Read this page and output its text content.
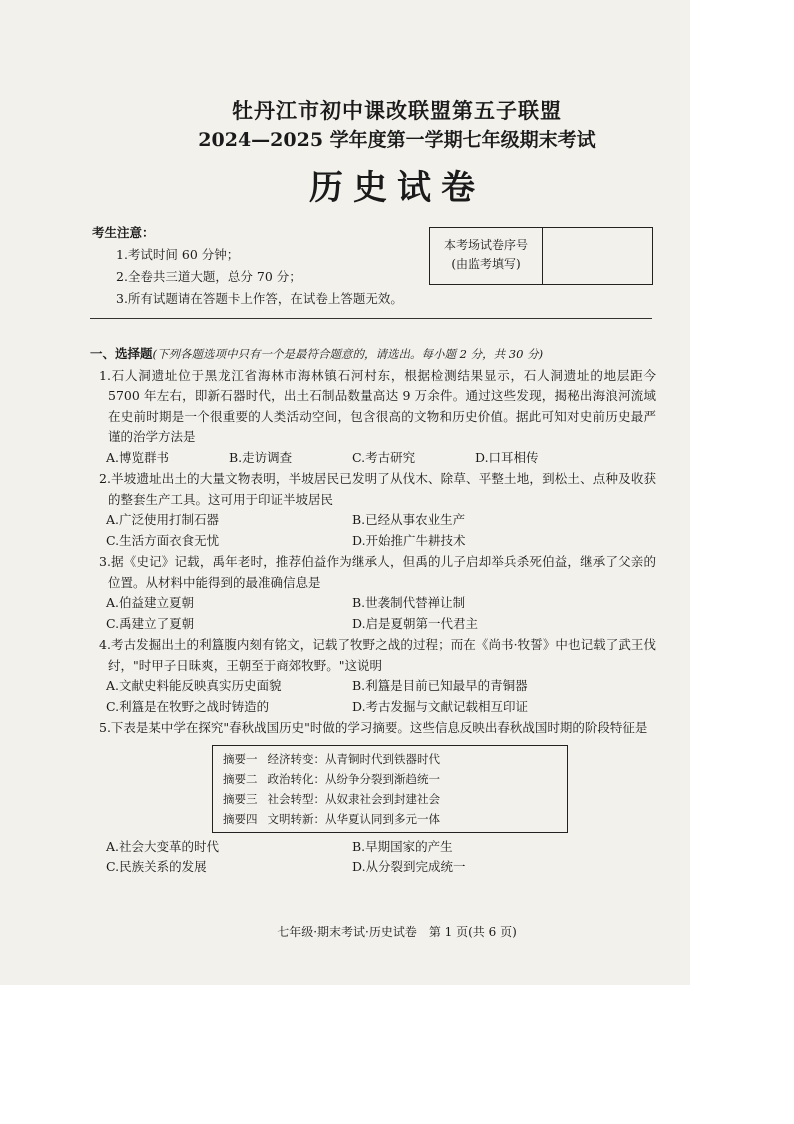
牡丹江市初中课改联盟第五子联盟
2024—2025 学年度第一学期七年级期末考试
历史试卷
考生注意：
1.考试时间 60 分钟；
2.全卷共三道大题，总分 70 分；
3.所有试题请在答题卡上作答，在试卷上答题无效。
本考场试卷序号
(由监考填写)
一、选择题(下列各题选项中只有一个是最符合题意的，请选出。每小题 2 分，共 30 分)
1.石人洞遗址位于黑龙江省海林市海林镇石河村东，根据检测结果显示，石人洞遗址的地层距今 5700 年左右，即新石器时代，出土石制品数量高达 9 万余件。通过这些发现，揭秘出海浪河流域在史前时期是一个很重要的人类活动空间，包含很高的文物和历史价值。据此可知对史前历史最严谨的治学方法是
A.博览群书	B.走访调查	C.考古研究	D.口耳相传
2.半坡遗址出土的大量文物表明，半坡居民已发明了从伐木、除草、平整土地，到松土、点种及收获的整套生产工具。这可用于印证半坡居民
A.广泛使用打制石器	B.已经从事农业生产
C.生活方面衣食无忧	D.开始推广牛耕技术
3.据《史记》记载，禹年老时，推荐伯益作为继承人，但禹的儿子启却举兵杀死伯益，继承了父亲的位置。从材料中能得到的最准确信息是
A.伯益建立夏朝	B.世袭制代替禅让制
C.禹建立了夏朝	D.启是夏朝第一代君主
4.考古发掘出土的利簋腹内刻有铭文，记载了牧野之战的过程；而在《尚书·牧誓》中也记载了武王伐纣，"时甲子日昧爽，王朝至于商郊牧野。"这说明
A.文献史料能反映真实历史面貌	B.利簋是目前已知最早的青铜器
C.利簋是在牧野之战时铸造的	D.考古发掘与文献记载相互印证
5.下表是某中学在探究"春秋战国历史"时做的学习摘要。这些信息反映出春秋战国时期的阶段特征是
摘要一 经济转变：从青铜时代到铁器时代
摘要二 政治转化：从纷争分裂到渐趋统一
摘要三 社会转型：从奴隶社会到封建社会
摘要四 文明转新：从华夏认同到多元一体
A.社会大变革的时代	B.早期国家的产生
C.民族关系的发展	D.从分裂到完成统一
七年级·期末考试·历史试卷　第 1 页(共 6 页)
